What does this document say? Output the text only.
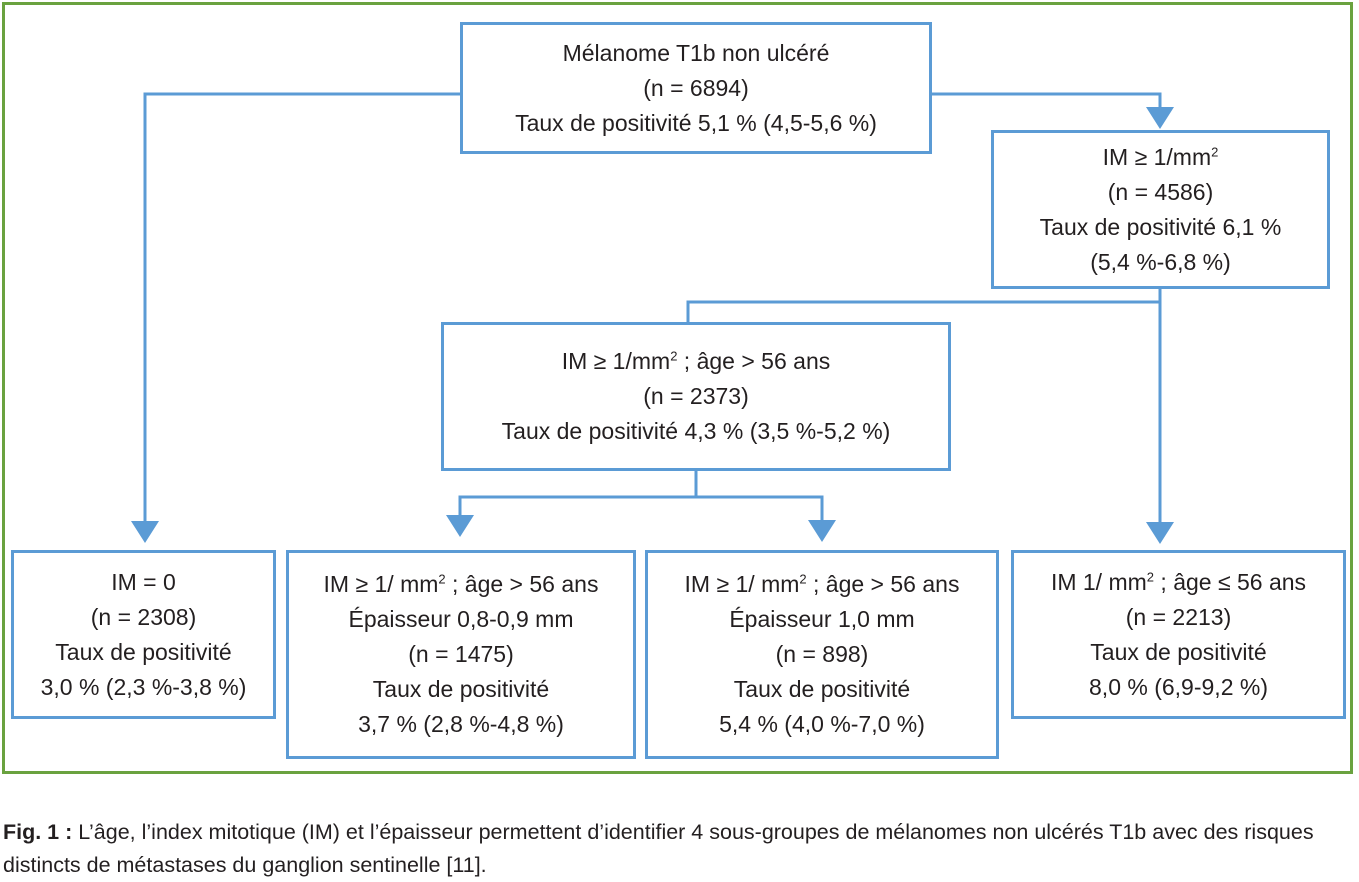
Mélanome T1b non ulcéré
(n = 6894)
Taux de positivité 5,1 % (4,5-5,6 %)
IM ≥ $1/mm^2$
(n = 4586)
Taux de positivité 6,1 %
(5,4 %-6,8 %)
IM ≥ $1/mm^2$ ; âge > 56 ans
(n = 2373)
Taux de positivité 4,3 % (3,5 %-5,2 %)
IM = 0
(n = 2308)
Taux de positivité
3,0 % (2,3 %-3,8 %)
IM ≥ 1/ $mm^2$ ; âge > 56 ans
Épaisseur 0,8-0,9 mm
(n = 1475)
Taux de positivité
3,7 % (2,8 %-4,8 %)
IM ≥ 1/ $mm^2$ ; âge > 56 ans
Épaisseur 1,0 mm
(n = 898)
Taux de positivité
5,4 % (4,0 %-7,0 %)
IM 1/ $mm^2$ ; âge ≤ 56 ans
(n = 2213)
Taux de positivité
8,0 % (6,9-9,2 %)
Fig. 1 : L’âge, l’index mitotique (IM) et l’épaisseur permettent d’identifier 4 sous-groupes de mélanomes non ulcérés T1b avec des risques distincts de métastases du ganglion sentinelle [11].
